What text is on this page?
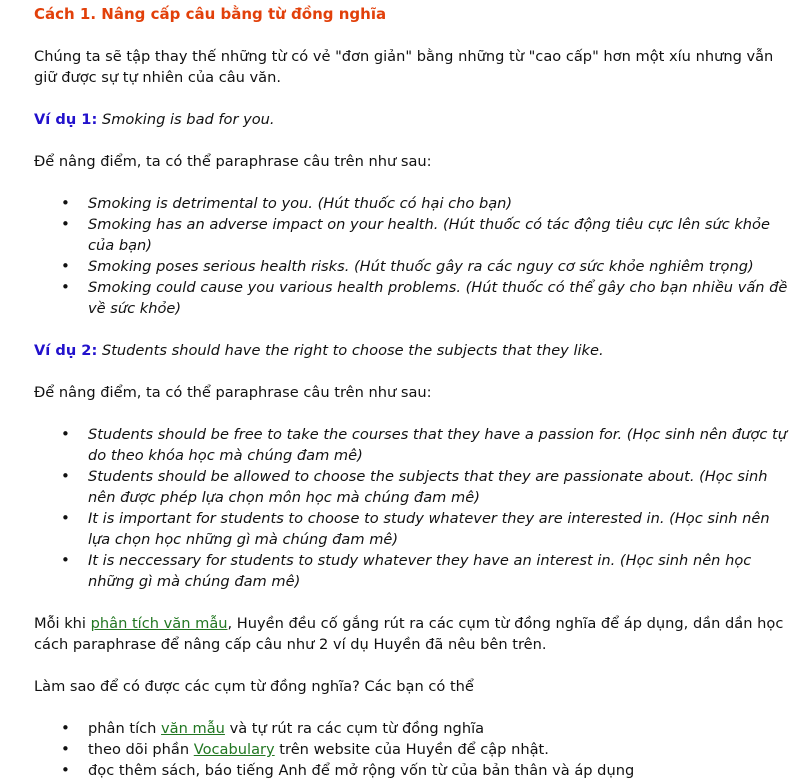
Cách 1. Nâng cấp câu bằng từ đồng nghĩa

Chúng ta sẽ tập thay thế những từ có vẻ "đơn giản" bằng những từ "cao cấp" hơn một xíu nhưng vẫn giữ được sự tự nhiên của câu văn.

Ví dụ 1: Smoking is bad for you.

Để nâng điểm, ta có thể paraphrase câu trên như sau:

• Smoking is detrimental to you. (Hút thuốc có hại cho bạn)
• Smoking has an adverse impact on your health. (Hút thuốc có tác động tiêu cực lên sức khỏe của bạn)
• Smoking poses serious health risks. (Hút thuốc gây ra các nguy cơ sức khỏe nghiêm trọng)
• Smoking could cause you various health problems. (Hút thuốc có thể gây cho bạn nhiều vấn đề về sức khỏe)

Ví dụ 2: Students should have the right to choose the subjects that they like.

Để nâng điểm, ta có thể paraphrase câu trên như sau:

• Students should be free to take the courses that they have a passion for. (Học sinh nên được tự do theo khóa học mà chúng đam mê)
• Students should be allowed to choose the subjects that they are passionate about. (Học sinh nên được phép lựa chọn môn học mà chúng đam mê)
• It is important for students to choose to study whatever they are interested in. (Học sinh nên lựa chọn học những gì mà chúng đam mê)
• It is neccessary for students to study whatever they have an interest in. (Học sinh nên học những gì mà chúng đam mê)

Mỗi khi phân tích văn mẫu, Huyền đều cố gắng rút ra các cụm từ đồng nghĩa để áp dụng, dần dần học cách paraphrase để nâng cấp câu như 2 ví dụ Huyền đã nêu bên trên.

Làm sao để có được các cụm từ đồng nghĩa? Các bạn có thể

• phân tích văn mẫu và tự rút ra các cụm từ đồng nghĩa
• theo dõi phần Vocabulary trên website của Huyền để cập nhật.
• đọc thêm sách, báo tiếng Anh để mở rộng vốn từ của bản thân và áp dụng
